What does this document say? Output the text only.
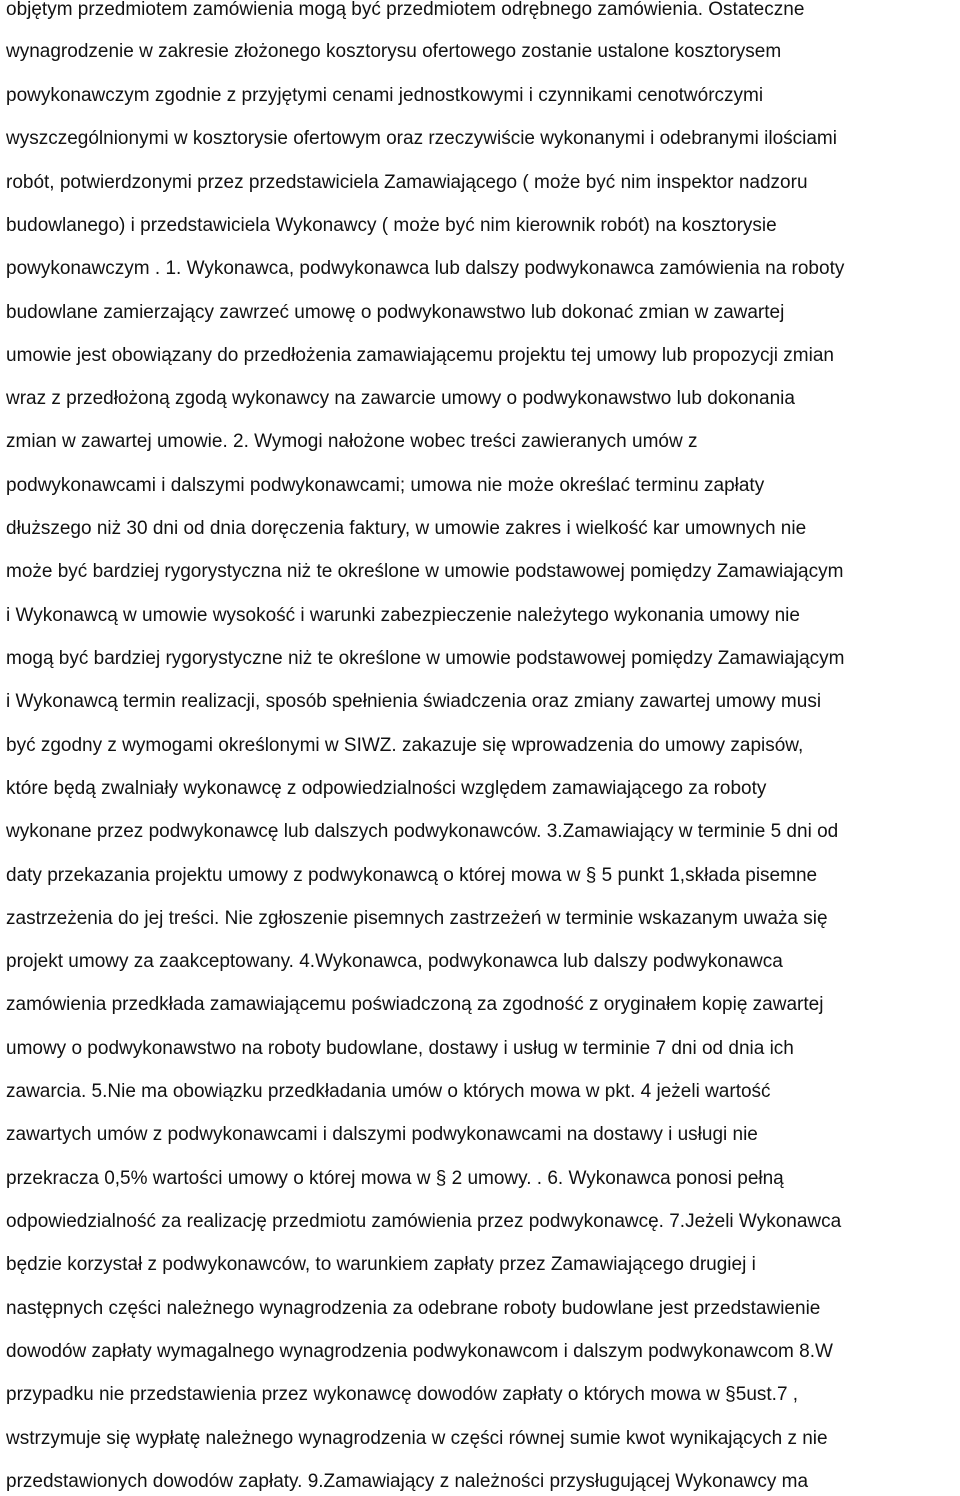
objętym przedmiotem zamówienia mogą być przedmiotem odrębnego zamówienia. Ostateczne

wynagrodzenie w zakresie złożonego kosztorysu ofertowego zostanie ustalone kosztorysem

powykonawczym zgodnie z przyjętymi cenami jednostkowymi i czynnikami cenotwórczymi

wyszczególnionymi w kosztorysie ofertowym oraz rzeczywiście wykonanymi i odebranymi ilościami

robót, potwierdzonymi przez przedstawiciela Zamawiającego ( może być nim inspektor nadzoru

budowlanego) i przedstawiciela Wykonawcy ( może być nim kierownik robót) na kosztorysie

powykonawczym . 1. Wykonawca, podwykonawca lub dalszy podwykonawca zamówienia na roboty

budowlane zamierzający zawrzeć umowę o podwykonawstwo lub dokonać zmian w zawartej

umowie jest obowiązany do przedłożenia zamawiającemu projektu tej umowy lub propozycji zmian

wraz z przedłożoną zgodą wykonawcy na zawarcie umowy o podwykonawstwo lub dokonania

zmian w zawartej umowie. 2. Wymogi nałożone wobec treści zawieranych umów z

podwykonawcami i dalszymi podwykonawcami; umowa nie może określać terminu zapłaty

dłuższego niż 30 dni od dnia doręczenia faktury, w umowie zakres i wielkość kar umownych nie

może być bardziej rygorystyczna niż te określone w umowie podstawowej pomiędzy Zamawiającym

i Wykonawcą w umowie wysokość i warunki zabezpieczenie należytego wykonania umowy nie

mogą być bardziej rygorystyczne niż te określone w umowie podstawowej pomiędzy Zamawiającym

i Wykonawcą termin realizacji, sposób spełnienia świadczenia oraz zmiany zawartej umowy musi

być zgodny z wymogami określonymi w SIWZ. zakazuje się wprowadzenia do umowy zapisów,

które będą zwalniały wykonawcę z odpowiedzialności względem zamawiającego za roboty

wykonane przez podwykonawcę lub dalszych podwykonawców. 3.Zamawiający w terminie 5 dni od

daty przekazania projektu umowy z podwykonawcą o której mowa w § 5 punkt 1,składa pisemne

zastrzeżenia do jej treści. Nie zgłoszenie pisemnych zastrzeżeń w terminie wskazanym uważa się

projekt umowy za zaakceptowany. 4.Wykonawca, podwykonawca lub dalszy podwykonawca

zamówienia przedkłada zamawiającemu poświadczoną za zgodność z oryginałem kopię zawartej

umowy o podwykonawstwo na roboty budowlane, dostawy i usług w terminie 7 dni od dnia ich

zawarcia. 5.Nie ma obowiązku przedkładania umów o których mowa w pkt. 4 jeżeli wartość

zawartych umów z podwykonawcami i dalszymi podwykonawcami na dostawy i usługi nie

przekracza 0,5% wartości umowy o której mowa w § 2 umowy. . 6. Wykonawca ponosi pełną

odpowiedzialność za realizację przedmiotu zamówienia przez podwykonawcę. 7.Jeżeli Wykonawca

będzie korzystał z podwykonawców, to warunkiem zapłaty przez Zamawiającego drugiej i

następnych części należnego wynagrodzenia za odebrane roboty budowlane jest przedstawienie

dowodów zapłaty wymagalnego wynagrodzenia podwykonawcom i dalszym podwykonawcom 8.W

przypadku nie przedstawienia przez wykonawcę dowodów zapłaty o których mowa w §5ust.7 ,

wstrzymuje się wypłatę należnego wynagrodzenia w części równej sumie kwot wynikających z nie

przedstawionych dowodów zapłaty. 9.Zamawiający z należności przysługującej Wykonawcy ma
